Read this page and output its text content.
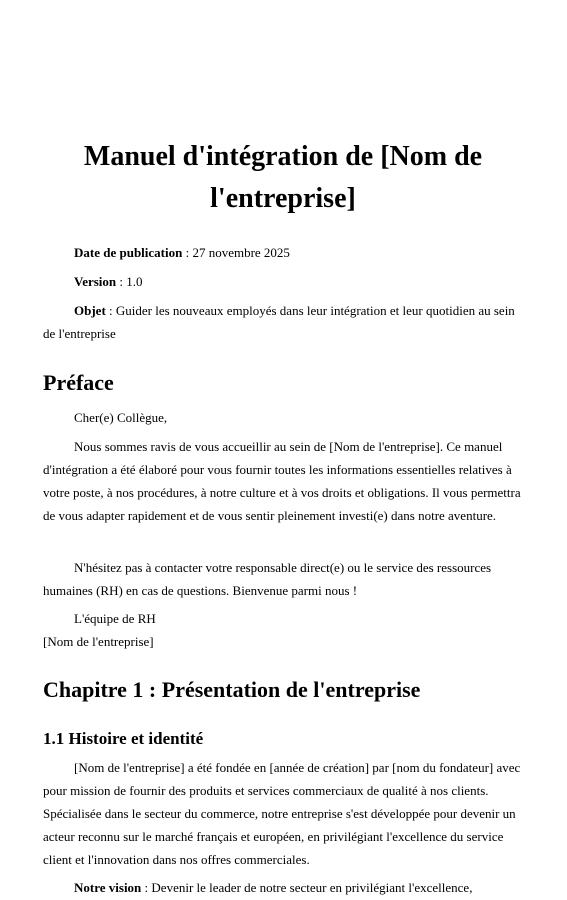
Manuel d'intégration de [Nom de l'entreprise]
Date de publication : 27 novembre 2025
Version : 1.0
Objet : Guider les nouveaux employés dans leur intégration et leur quotidien au sein de l'entreprise
Préface

Cher(e) Collègue,

Nous sommes ravis de vous accueillir au sein de [Nom de l'entreprise]. Ce manuel d'intégration a été élaboré pour vous fournir toutes les informations essentielles relatives à votre poste, à nos procédures, à notre culture et à vos droits et obligations. Il vous permettra de vous adapter rapidement et de vous sentir pleinement investi(e) dans notre aventure.

N'hésitez pas à contacter votre responsable direct(e) ou le service des ressources humaines (RH) en cas de questions. Bienvenue parmi nous !

L'équipe de RH

[Nom de l'entreprise]

Chapitre 1 : Présentation de l'entreprise
1.1 Histoire et identité

[Nom de l'entreprise] a été fondée en [année de création] par [nom du fondateur] avec pour mission de fournir des produits et services commerciaux de qualité à nos clients. Spécialisée dans le secteur du commerce, notre entreprise s'est développée pour devenir un acteur reconnu sur le marché français et européen, en privilégiant l'excellence du service client et l'innovation dans nos offres commerciales.

Notre vision : Devenir le leader de notre secteur en privilégiant l'excellence,
